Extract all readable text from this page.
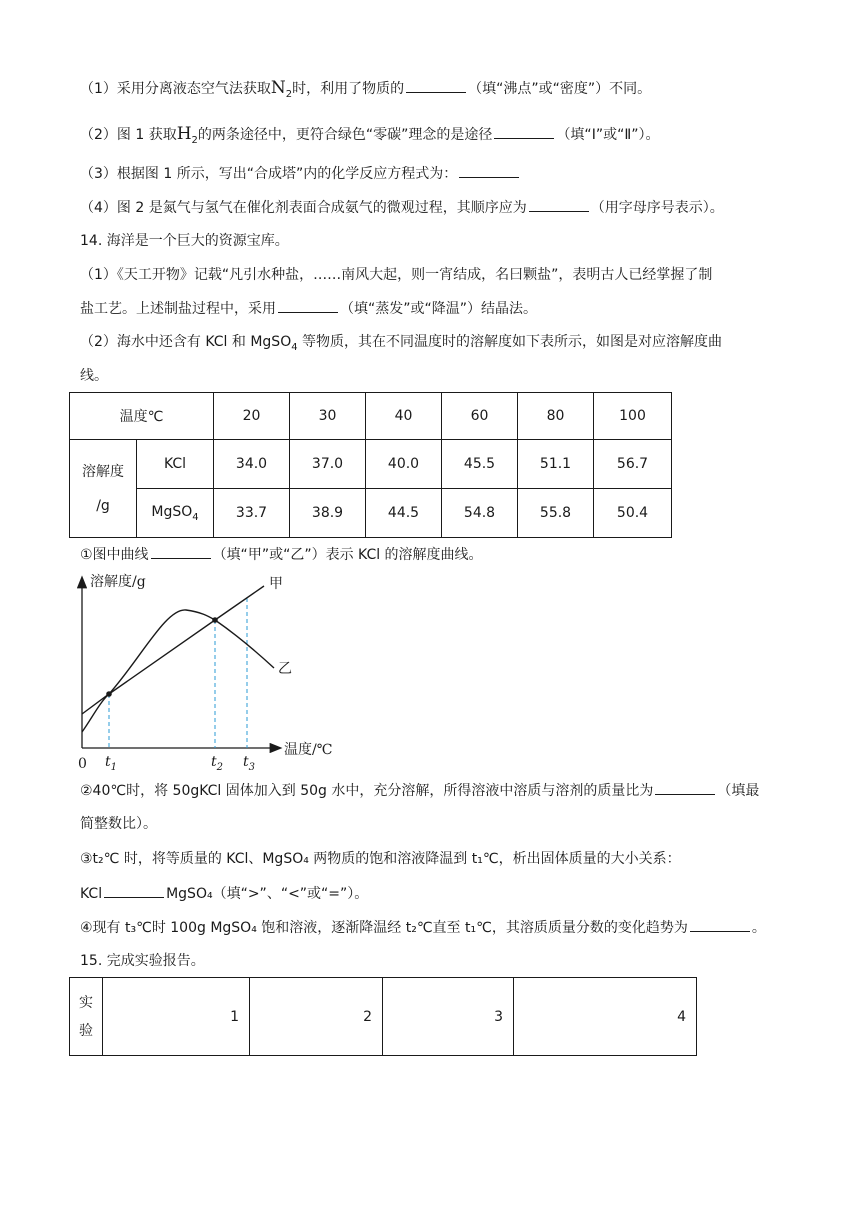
（1）采用分离液态空气法获取$N_2$时，利用了物质的	（填“沸点”或“密度”）不同。
（2）图 1 获取$H_2$的两条途径中，更符合绿色“零碳”理念的是途径	（填“Ⅰ”或“Ⅱ”）。
（3）根据图 1 所示，写出“合成塔”内的化学反应方程式为：
（4）图 2 是氮气与氢气在催化剂表面合成氨气的微观过程，其顺序应为	（用字母序号表示）。
14. 海洋是一个巨大的资源宝库。
（1）《天工开物》记载“凡引水种盐，……南风大起，则一宵结成，名曰颗盐”，表明古人已经掌握了制
盐工艺。上述制盐过程中，采用	（填“蒸发”或“降温”）结晶法。
（2）海水中还含有 KCl 和 MgSO$_4$ 等物质，其在不同温度时的溶解度如下表所示，如图是对应溶解度曲
线。
温度℃		20	30	40	60	80	100
溶解度
/g	KCl	34.0	37.0	40.0	45.5	51.1	56.7
	MgSO$_4$	33.7	38.9	44.5	54.8	55.8	50.4
①图中曲线	（填“甲”或“乙”）表示 KCl 的溶解度曲线。
溶解度/g
温度/℃
0
甲
乙
$t_1$	$t_2$ $t_3$
②40℃时，将 50gKCl 固体加入到 50g 水中，充分溶解，所得溶液中溶质与溶剂的质量比为	（填最
简整数比）。
③t₂℃ 时，将等质量的 KCl、MgSO₄ 两物质的饱和溶液降温到 t₁℃，析出固体质量的大小关系：
KCl	MgSO₄（填“>”、“<”或“=”）。
④现有 t₃℃时 100g MgSO₄ 饱和溶液，逐渐降温经 t₂℃直至 t₁℃，其溶质质量分数的变化趋势为	。
15. 完成实验报告。
实
验	1	2	3	4
